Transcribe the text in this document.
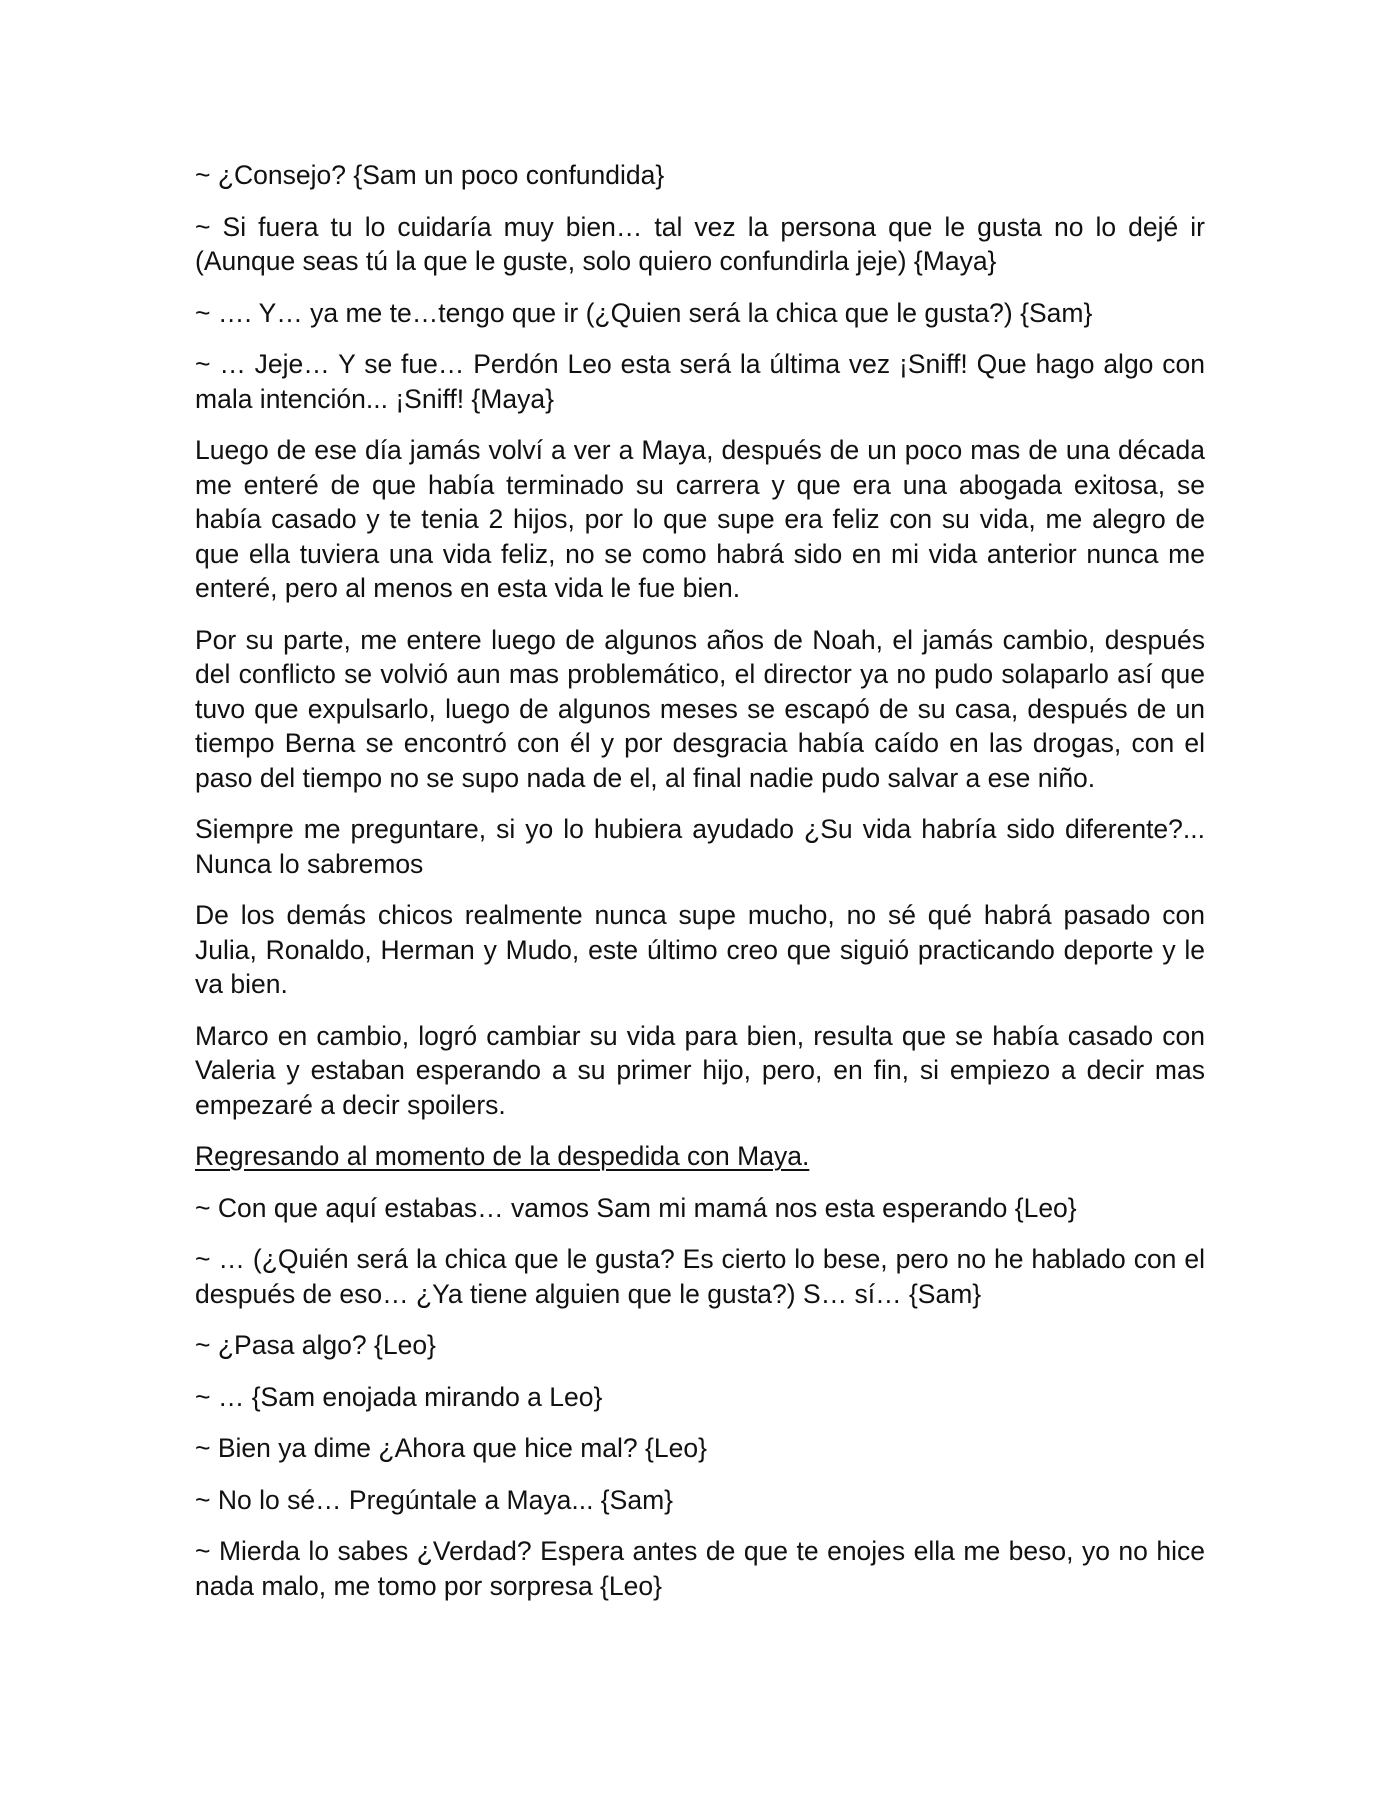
~ ¿Consejo? {Sam un poco confundida}

~ Si fuera tu lo cuidaría muy bien… tal vez la persona que le gusta no lo dejé ir (Aunque seas tú la que le guste, solo quiero confundirla jeje) {Maya}

~ …. Y… ya me te…tengo que ir (¿Quien será la chica que le gusta?) {Sam}

~ … Jeje… Y se fue… Perdón Leo esta será la última vez ¡Sniff! Que hago algo con mala intención... ¡Sniff! {Maya}

Luego de ese día jamás volví a ver a Maya, después de un poco mas de una década me enteré de que había terminado su carrera y que era una abogada exitosa, se había casado y te tenia 2 hijos, por lo que supe era feliz con su vida, me alegro de que ella tuviera una vida feliz, no se como habrá sido en mi vida anterior nunca me enteré, pero al menos en esta vida le fue bien.

Por su parte, me entere luego de algunos años de Noah, el jamás cambio, después del conflicto se volvió aun mas problemático, el director ya no pudo solaparlo así que tuvo que expulsarlo, luego de algunos meses se escapó de su casa, después de un tiempo Berna se encontró con él y por desgracia había caído en las drogas, con el paso del tiempo no se supo nada de el, al final nadie pudo salvar a ese niño.

Siempre me preguntare, si yo lo hubiera ayudado ¿Su vida habría sido diferente?... Nunca lo sabremos

De los demás chicos realmente nunca supe mucho, no sé qué habrá pasado con Julia, Ronaldo, Herman y Mudo, este último creo que siguió practicando deporte y le va bien.

Marco en cambio, logró cambiar su vida para bien, resulta que se había casado con Valeria y estaban esperando a su primer hijo, pero, en fin, si empiezo a decir mas empezaré a decir spoilers.

Regresando al momento de la despedida con Maya.

~ Con que aquí estabas… vamos Sam mi mamá nos esta esperando {Leo}

~ … (¿Quién será la chica que le gusta? Es cierto lo bese, pero no he hablado con el después de eso… ¿Ya tiene alguien que le gusta?) S… sí… {Sam}

~ ¿Pasa algo? {Leo}

~ … {Sam enojada mirando a Leo}

~ Bien ya dime ¿Ahora que hice mal? {Leo}

~ No lo sé… Pregúntale a Maya... {Sam}

~ Mierda lo sabes ¿Verdad? Espera antes de que te enojes ella me beso, yo no hice nada malo, me tomo por sorpresa {Leo}
